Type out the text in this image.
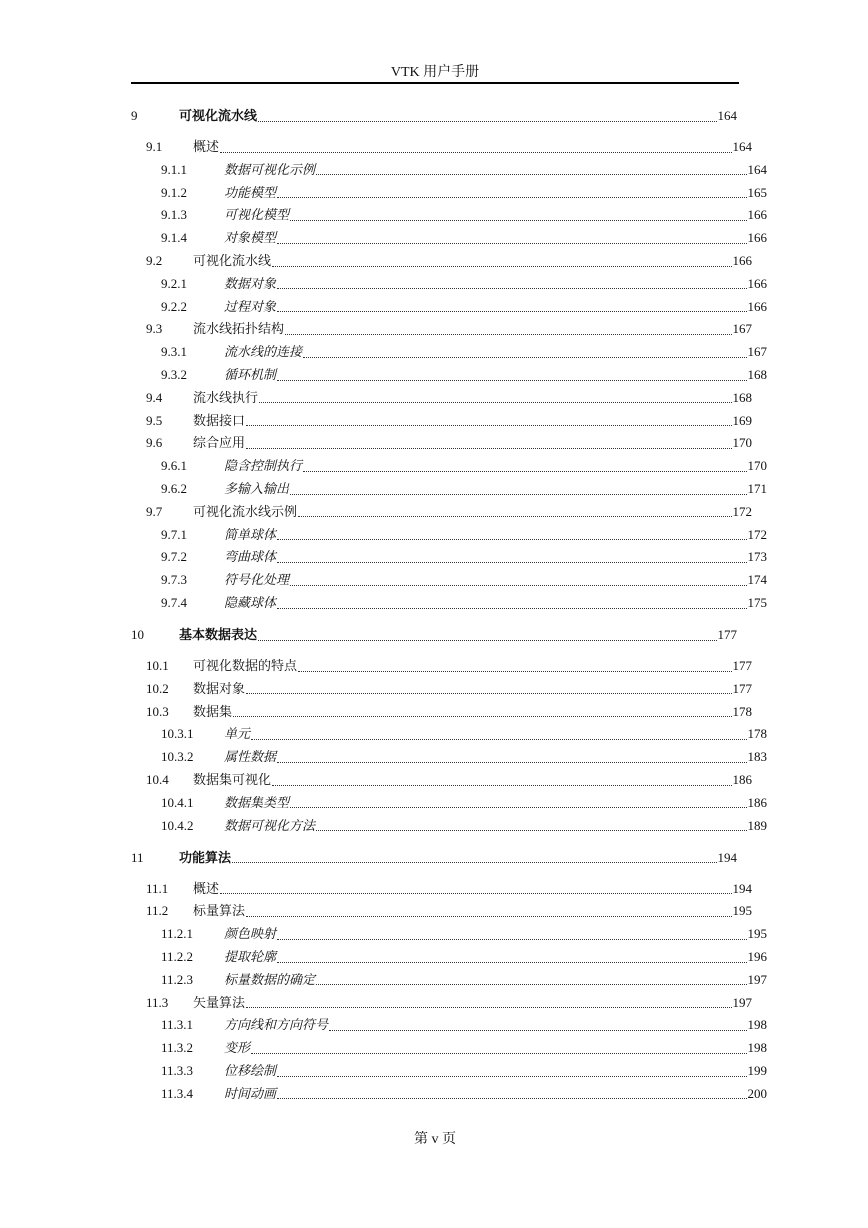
VTK 用户手册
9	可视化流水线	164
9.1	概述	164
9.1.1	数据可视化示例	164
9.1.2	功能模型	165
9.1.3	可视化模型	166
9.1.4	对象模型	166
9.2	可视化流水线	166
9.2.1	数据对象	166
9.2.2	过程对象	166
9.3	流水线拓扑结构	167
9.3.1	流水线的连接	167
9.3.2	循环机制	168
9.4	流水线执行	168
9.5	数据接口	169
9.6	综合应用	170
9.6.1	隐含控制执行	170
9.6.2	多输入输出	171
9.7	可视化流水线示例	172
9.7.1	简单球体	172
9.7.2	弯曲球体	173
9.7.3	符号化处理	174
9.7.4	隐藏球体	175
10	基本数据表达	177
10.1	可视化数据的特点	177
10.2	数据对象	177
10.3	数据集	178
10.3.1	单元	178
10.3.2	属性数据	183
10.4	数据集可视化	186
10.4.1	数据集类型	186
10.4.2	数据可视化方法	189
11	功能算法	194
11.1	概述	194
11.2	标量算法	195
11.2.1	颜色映射	195
11.2.2	提取轮廓	196
11.2.3	标量数据的确定	197
11.3	矢量算法	197
11.3.1	方向线和方向符号	198
11.3.2	变形	198
11.3.3	位移绘制	199
11.3.4	时间动画	200
第 v 页
